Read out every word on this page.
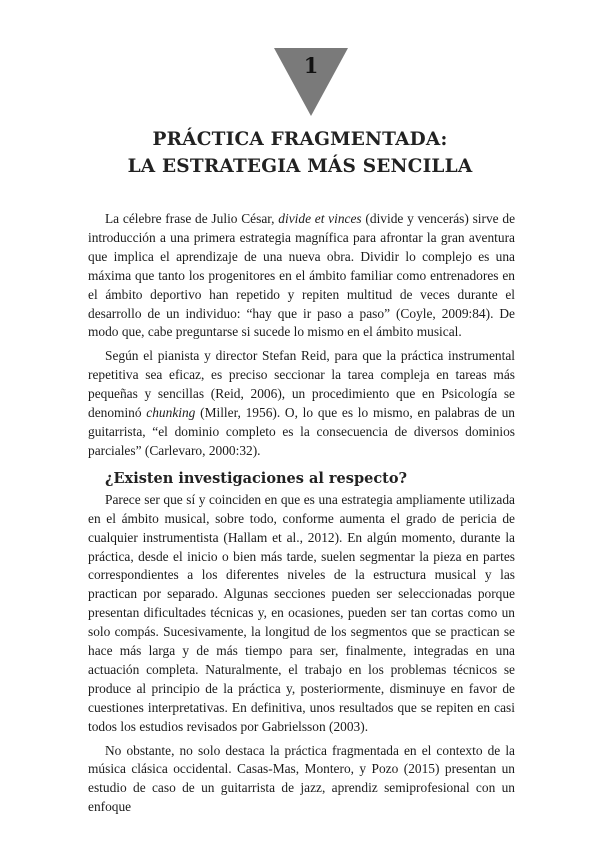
1
PRÁCTICA FRAGMENTADA:
LA ESTRATEGIA MÁS SENCILLA

La célebre frase de Julio César, divide et vinces (divide y vencerás) sirve de introducción a una primera estrategia magnífica para afrontar la gran aventura que implica el aprendizaje de una nueva obra. Dividir lo complejo es una máxima que tanto los progenitores en el ámbito familiar como entrenadores en el ámbito deportivo han repetido y repiten multitud de veces durante el desarrollo de un individuo: “hay que ir paso a paso” (Coyle, 2009:84). De modo que, cabe preguntarse si sucede lo mismo en el ámbito musical.

Según el pianista y director Stefan Reid, para que la práctica instrumental repetitiva sea eficaz, es preciso seccionar la tarea compleja en tareas más pequeñas y sencillas (Reid, 2006), un procedimiento que en Psicología se denominó chunking (Miller, 1956). O, lo que es lo mismo, en palabras de un guitarrista, “el dominio completo es la consecuencia de diversos dominios parciales” (Carlevaro, 2000:32).

¿Existen investigaciones al respecto?

Parece ser que sí y coinciden en que es una estrategia ampliamente utilizada en el ámbito musical, sobre todo, conforme aumenta el grado de pericia de cualquier instrumentista (Hallam et al., 2012). En algún momento, durante la práctica, desde el inicio o bien más tarde, suelen segmentar la pieza en partes correspondientes a los diferentes niveles de la estructura musical y las practican por separado. Algunas secciones pueden ser seleccionadas porque presentan dificultades técnicas y, en ocasiones, pueden ser tan cortas como un solo compás. Sucesivamente, la longitud de los segmentos que se practican se hace más larga y de más tiempo para ser, finalmente, integradas en una actuación completa. Naturalmente, el trabajo en los problemas técnicos se produce al principio de la práctica y, posteriormente, disminuye en favor de cuestiones interpretativas. En definitiva, unos resultados que se repiten en casi todos los estudios revisados por Gabrielsson (2003).

No obstante, no solo destaca la práctica fragmentada en el contexto de la música clásica occidental. Casas-Mas, Montero, y Pozo (2015) presentan un estudio de caso de un guitarrista de jazz, aprendiz semiprofesional con un enfoque
